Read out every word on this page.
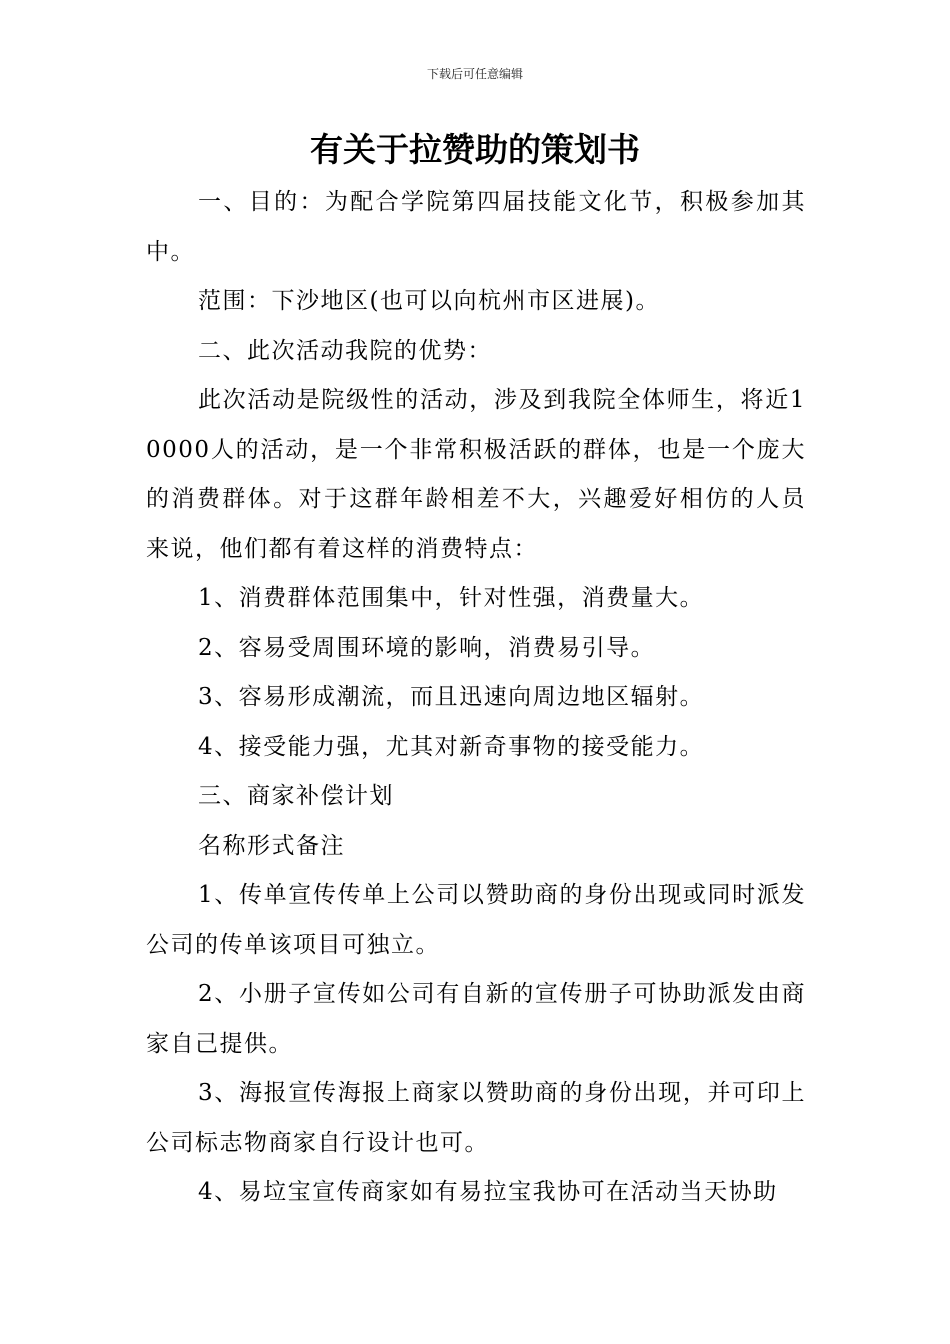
下载后可任意编辑
有关于拉赞助的策划书

一、目的：为配合学院第四届技能文化节，积极参加其中。

范围：下沙地区(也可以向杭州市区进展)。

二、此次活动我院的优势：

此次活动是院级性的活动，涉及到我院全体师生，将近10000人的活动，是一个非常积极活跃的群体，也是一个庞大的消费群体。对于这群年龄相差不大，兴趣爱好相仿的人员来说，他们都有着这样的消费特点：

1、消费群体范围集中，针对性强，消费量大。

2、容易受周围环境的影响，消费易引导。

3、容易形成潮流，而且迅速向周边地区辐射。

4、接受能力强，尤其对新奇事物的接受能力。

三、商家补偿计划

名称形式备注

1、传单宣传传单上公司以赞助商的身份出现或同时派发公司的传单该项目可独立。

2、小册子宣传如公司有自新的宣传册子可协助派发由商家自己提供。

3、海报宣传海报上商家以赞助商的身份出现，并可印上公司标志物商家自行设计也可。

4、易垃宝宣传商家如有易拉宝我协可在活动当天协助
